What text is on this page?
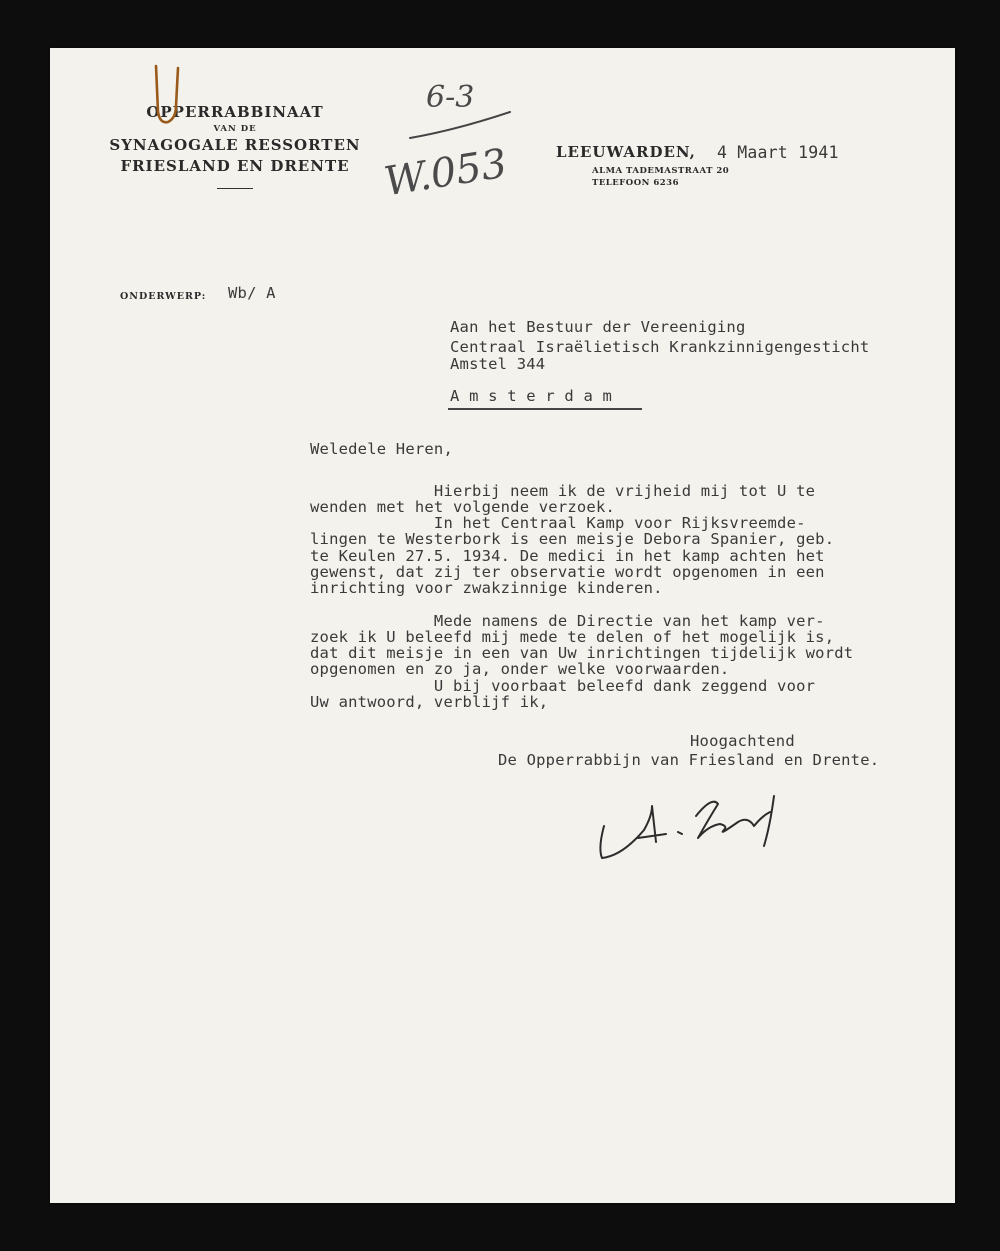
OPPERRABBINAAT
VAN DE
SYNAGOGALE RESSORTEN
FRIESLAND EN DRENTE
6-3
W.053	LEEUWARDEN, 4 Maart 1941
ALMA TADEMASTRAAT 20
TELEFOON 6236
ONDERWERP: Wb/ A
Aan het Bestuur der Vereeniging
Centraal Israëlietisch Krankzinnigengesticht
Amstel 344
A m s t e r d a m
Weledele Heren,
Hierbij neem ik de vrijheid mij tot U te
wenden met het volgende verzoek.
In het Centraal Kamp voor Rijksvreemde-
lingen te Westerbork is een meisje Debora Spanier, geb.
te Keulen 27.5. 1934. De medici in het kamp achten het
gewenst, dat zij ter observatie wordt opgenomen in een
inrichting voor zwakzinnige kinderen.
Mede namens de Directie van het kamp ver-
zoek ik U beleefd mij mede te delen of het mogelijk is,
dat dit meisje in een van Uw inrichtingen tijdelijk wordt
opgenomen en zo ja, onder welke voorwaarden.
U bij voorbaat beleefd dank zeggend voor
Uw antwoord, verblijf ik,
Hoogachtend
De Opperrabbijn van Friesland en Drente.
